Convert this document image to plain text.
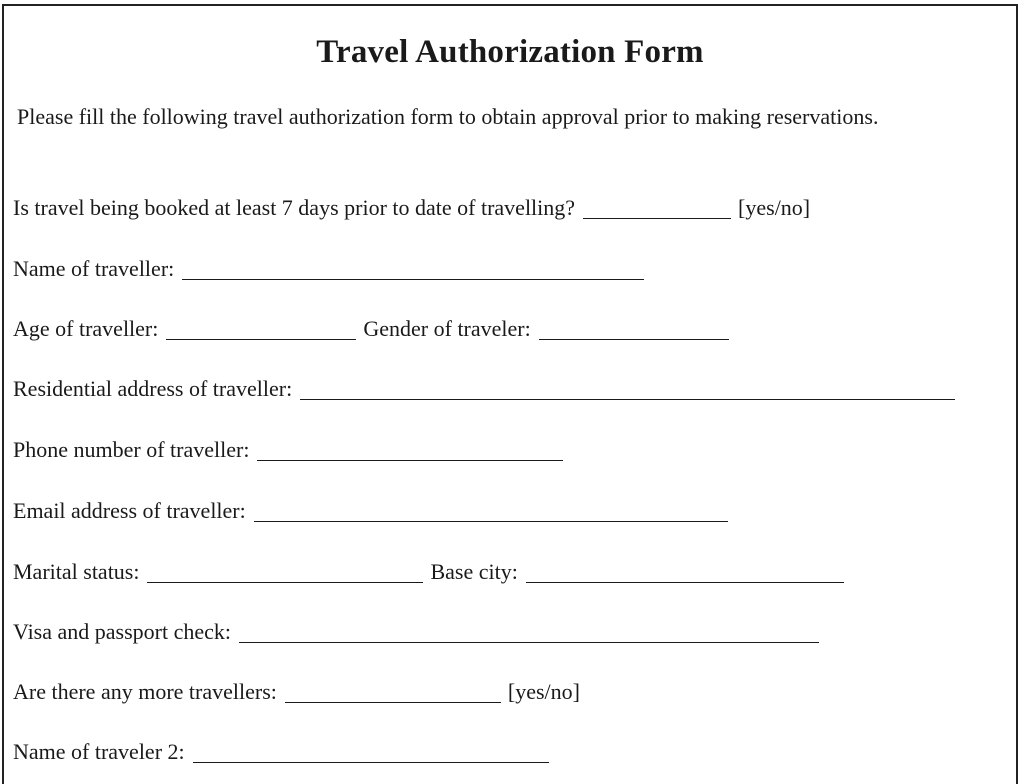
Travel Authorization Form
Please fill the following travel authorization form to obtain approval prior to making reservations.
Is travel being booked at least 7 days prior to date of travelling?	[yes/no]
Name of traveller:
Age of traveller:	Gender of traveler:
Residential address of traveller:
Phone number of traveller:
Email address of traveller:
Marital status:	Base city:
Visa and passport check:
Are there any more travellers:	[yes/no]
Name of traveler 2:
